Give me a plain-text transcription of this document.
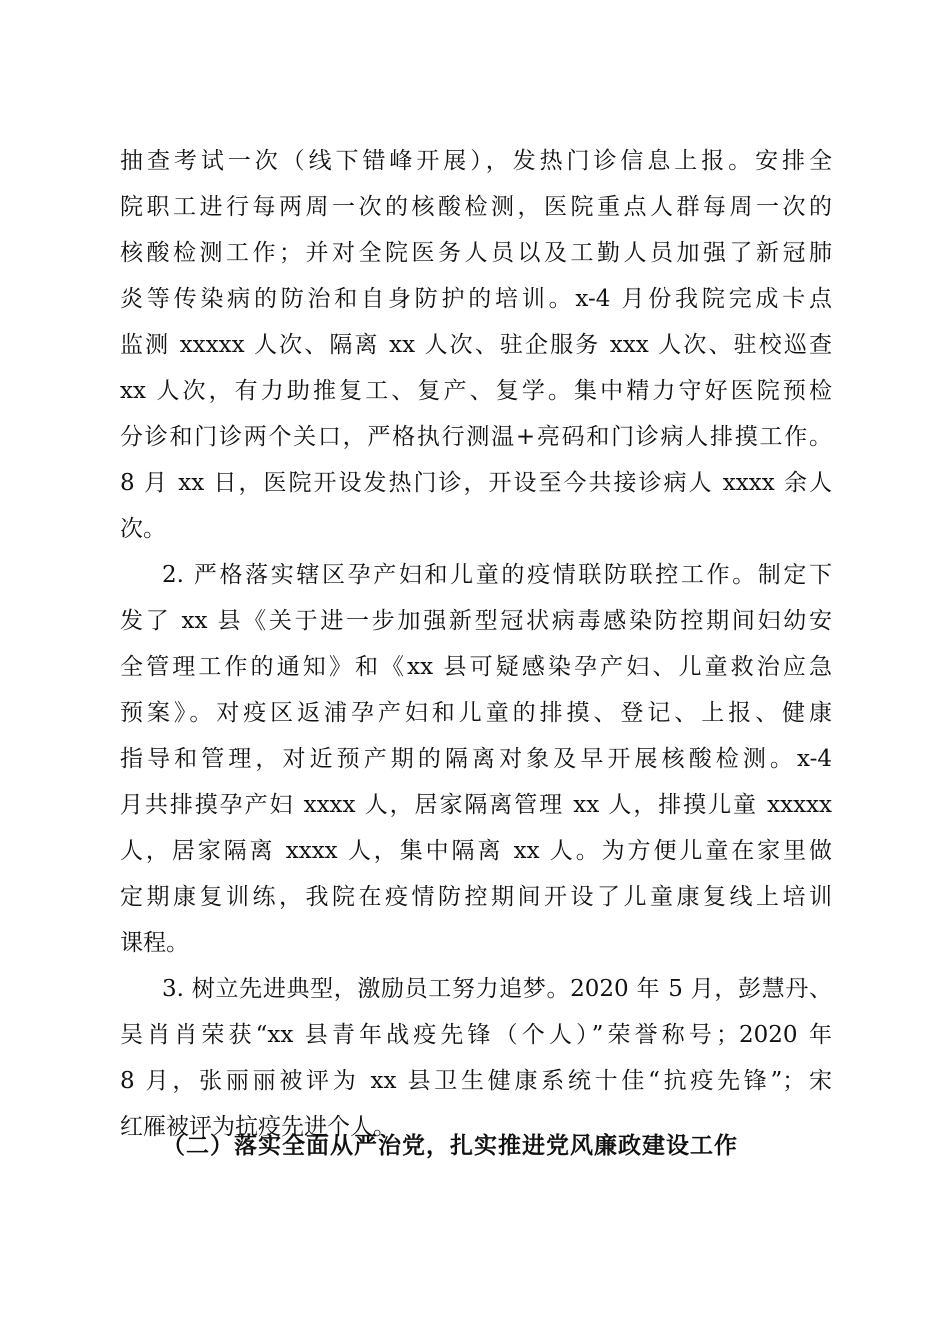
抽查考试一次（线下错峰开展），发热门诊信息上报。安排全
院职工进行每两周一次的核酸检测，医院重点人群每周一次的
核酸检测工作；并对全院医务人员以及工勤人员加强了新冠肺
炎等传染病的防治和自身防护的培训。x-4 月份我院完成卡点
监测 xxxxx 人次、隔离 xx 人次、驻企服务 xxx 人次、驻校巡查
xx 人次，有力助推复工、复产、复学。集中精力守好医院预检
分诊和门诊两个关口，严格执行测温+亮码和门诊病人排摸工作。
8 月 xx 日，医院开设发热门诊，开设至今共接诊病人 xxxx 余人
次。
2. 严格落实辖区孕产妇和儿童的疫情联防联控工作。制定下
发了 xx 县《关于进一步加强新型冠状病毒感染防控期间妇幼安
全管理工作的通知》和《xx 县可疑感染孕产妇、儿童救治应急
预案》。对疫区返浦孕产妇和儿童的排摸、登记、上报、健康
指导和管理，对近预产期的隔离对象及早开展核酸检测。x-4
月共排摸孕产妇 xxxx 人，居家隔离管理 xx 人，排摸儿童 xxxxx
人，居家隔离 xxxx 人，集中隔离 xx 人。为方便儿童在家里做
定期康复训练，我院在疫情防控期间开设了儿童康复线上培训
课程。
3. 树立先进典型，激励员工努力追梦。2020 年 5 月，彭慧丹、
吴肖肖荣获“xx 县青年战疫先锋（个人）”荣誉称号；2020 年
8 月，张丽丽被评为 xx 县卫生健康系统十佳“抗疫先锋”；宋
红雁被评为抗疫先进个人。
（二）落实全面从严治党，扎实推进党风廉政建设工作
